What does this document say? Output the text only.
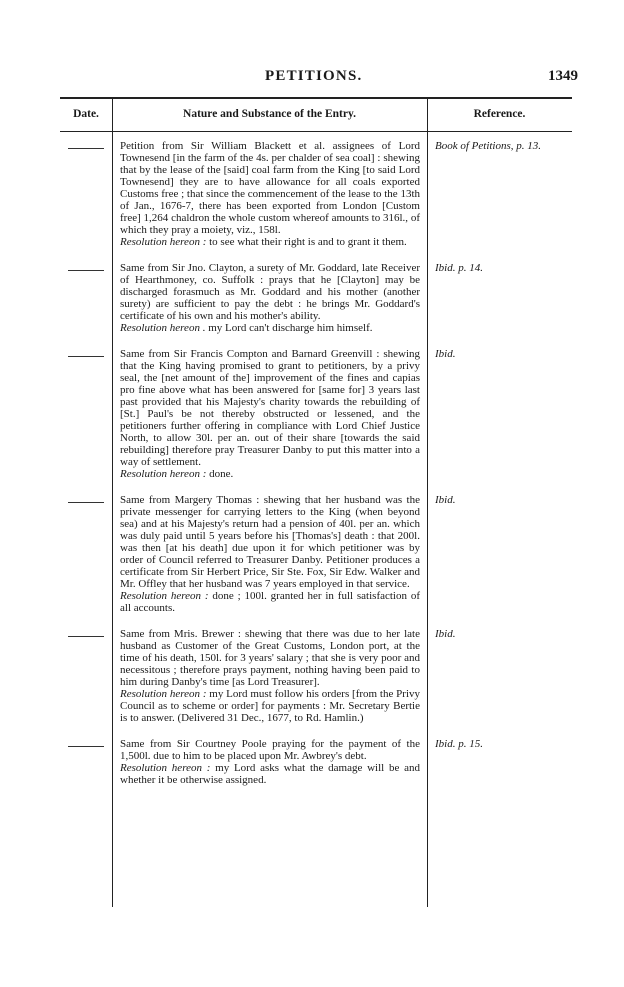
PETITIONS.	1349
Date.	Nature and Substance of the Entry.	Reference.
Petition from Sir William Blackett et al. assignees of Lord Townesend [in the farm of the 4s. per chalder of sea coal] : shewing that by the lease of the [said] coal farm from the King [to said Lord Townesend] they are to have allowance for all coals exported Customs free ; that since the commencement of the lease to the 13th of Jan., 1676-7, there has been exported from London [Custom free] 1,264 chaldron the whole custom whereof amounts to 316l., of which they pray a moiety, viz., 158l.
Resolution hereon : to see what their right is and to grant it them.
Book of Petitions, p. 13.
Same from Sir Jno. Clayton, a surety of Mr. Goddard, late Receiver of Hearthmoney, co. Suffolk : prays that he [Clayton] may be discharged forasmuch as Mr. Goddard and his mother (another surety) are sufficient to pay the debt : he brings Mr. Goddard's certificate of his own and his mother's ability.
Resolution hereon . my Lord can't discharge him himself.
Ibid. p. 14.
Same from Sir Francis Compton and Barnard Greenvill : shewing that the King having promised to grant to petitioners, by a privy seal, the [net amount of the] improvement of the fines and capias pro fine above what has been answered for [same for] 3 years last past provided that his Majesty's charity towards the rebuilding of [St.] Paul's be not thereby obstructed or lessened, and the petitioners further offering in compliance with Lord Chief Justice North, to allow 30l. per an. out of their share [towards the said rebuilding] therefore pray Treasurer Danby to put this matter into a way of settlement.
Resolution hereon : done.
Ibid.
Same from Margery Thomas : shewing that her husband was the private messenger for carrying letters to the King (when beyond sea) and at his Majesty's return had a pension of 40l. per an. which was duly paid until 5 years before his [Thomas's] death : that 200l. was then [at his death] due upon it for which petitioner was by order of Council referred to Treasurer Danby. Petitioner produces a certificate from Sir Herbert Price, Sir Ste. Fox, Sir Edw. Walker and Mr. Offley that her husband was 7 years employed in that service.
Resolution hereon : done ; 100l. granted her in full satisfaction of all accounts.
Ibid.
Same from Mris. Brewer : shewing that there was due to her late husband as Customer of the Great Customs, London port, at the time of his death, 150l. for 3 years' salary ; that she is very poor and necessitous ; therefore prays payment, nothing having been paid to him during Danby's time [as Lord Treasurer].
Resolution hereon : my Lord must follow his orders [from the Privy Council as to scheme or order] for payments : Mr. Secretary Bertie is to answer. (Delivered 31 Dec., 1677, to Rd. Hamlin.)
Ibid.
Same from Sir Courtney Poole praying for the payment of the 1,500l. due to him to be placed upon Mr. Awbrey's debt.
Resolution hereon : my Lord asks what the damage will be and whether it be otherwise assigned.
Ibid. p. 15.
